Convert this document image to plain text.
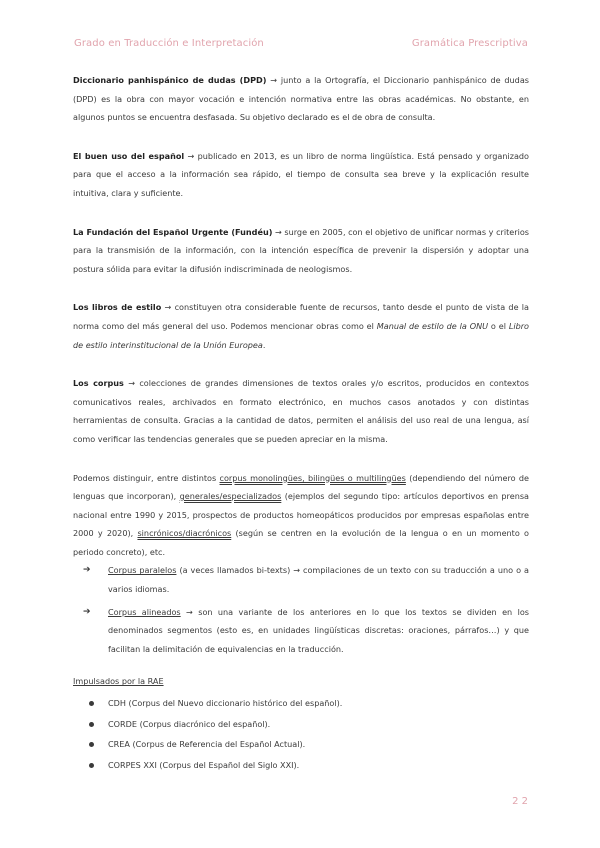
Grado en Traducción e Interpretación	Gramática Prescriptiva

Diccionario panhispánico de dudas (DPD) → junto a la Ortografía, el Diccionario panhispánico de dudas (DPD) es la obra con mayor vocación e intención normativa entre las obras académicas. No obstante, en algunos puntos se encuentra desfasada. Su objetivo declarado es el de obra de consulta.

El buen uso del español → publicado en 2013, es un libro de norma lingüística. Está pensado y organizado para que el acceso a la información sea rápido, el tiempo de consulta sea breve y la explicación resulte intuitiva, clara y suficiente.

La Fundación del Español Urgente (Fundéu) → surge en 2005, con el objetivo de unificar normas y criterios para la transmisión de la información, con la intención específica de prevenir la dispersión y adoptar una postura sólida para evitar la difusión indiscriminada de neologismos.

Los libros de estilo → constituyen otra considerable fuente de recursos, tanto desde el punto de vista de la norma como del más general del uso. Podemos mencionar obras como el Manual de estilo de la ONU o el Libro de estilo interinstitucional de la Unión Europea.

Los corpus → colecciones de grandes dimensiones de textos orales y/o escritos, producidos en contextos comunicativos reales, archivados en formato electrónico, en muchos casos anotados y con distintas herramientas de consulta. Gracias a la cantidad de datos, permiten el análisis del uso real de una lengua, así como verificar las tendencias generales que se pueden apreciar en la misma.

Podemos distinguir, entre distintos corpus monolingües, bilingües o multilingües (dependiendo del número de lenguas que incorporan), generales/especializados (ejemplos del segundo tipo: artículos deportivos en prensa nacional entre 1990 y 2015, prospectos de productos homeopáticos producidos por empresas españolas entre 2000 y 2020), sincrónicos/diacrónicos (según se centren en la evolución de la lengua o en un momento o periodo concreto), etc.

➔ Corpus paralelos (a veces llamados bi-texts) → compilaciones de un texto con su traducción a uno o a varios idiomas.

➔ Corpus alineados → son una variante de los anteriores en lo que los textos se dividen en los denominados segmentos (esto es, en unidades lingüísticas discretas: oraciones, párrafos…) y que facilitan la delimitación de equivalencias en la traducción.

Impulsados por la RAE
CDH (Corpus del Nuevo diccionario histórico del español).
CORDE (Corpus diacrónico del español).
CREA (Corpus de Referencia del Español Actual).
CORPES XXI (Corpus del Español del Siglo XXI).
2 2
